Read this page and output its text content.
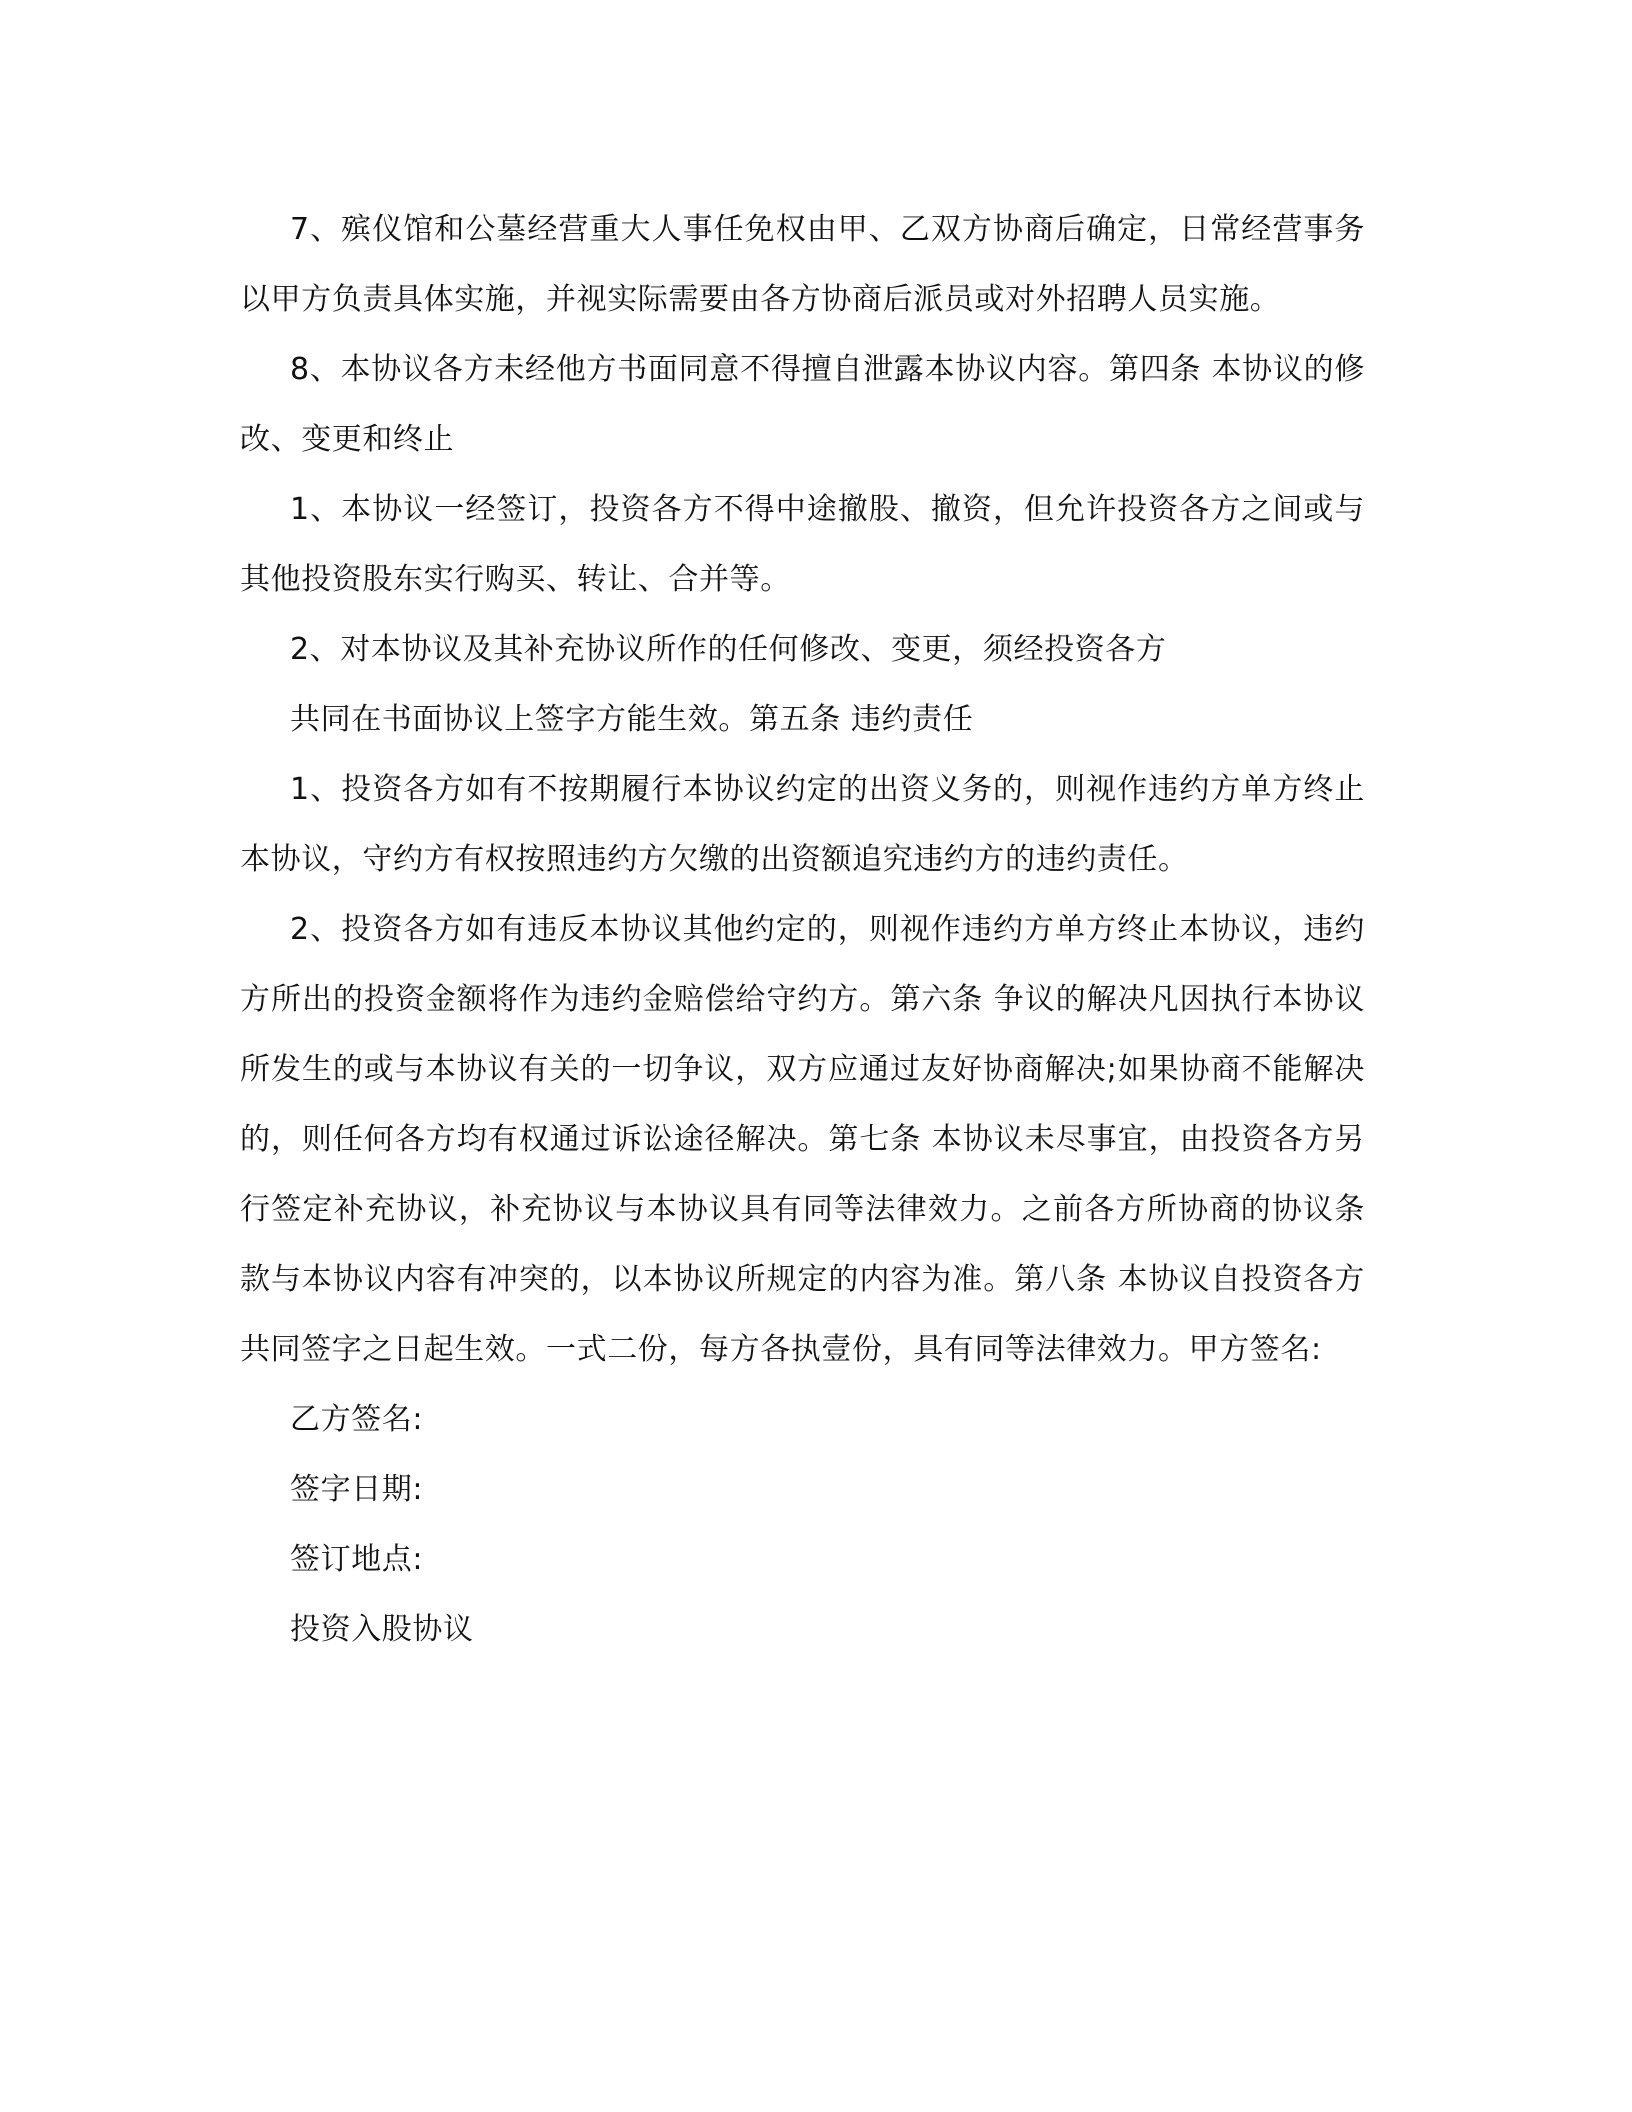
7、殡仪馆和公墓经营重大人事任免权由甲、乙双方协商后确定，日常经营事务以甲方负责具体实施，并视实际需要由各方协商后派员或对外招聘人员实施。

8、本协议各方未经他方书面同意不得擅自泄露本协议内容。第四条 本协议的修改、变更和终止

1、本协议一经签订，投资各方不得中途撤股、撤资，但允许投资各方之间或与其他投资股东实行购买、转让、合并等。

2、对本协议及其补充协议所作的任何修改、变更，须经投资各方

共同在书面协议上签字方能生效。第五条 违约责任

1、投资各方如有不按期履行本协议约定的出资义务的，则视作违约方单方终止本协议，守约方有权按照违约方欠缴的出资额追究违约方的违约责任。

2、投资各方如有违反本协议其他约定的，则视作违约方单方终止本协议，违约方所出的投资金额将作为违约金赔偿给守约方。第六条 争议的解决凡因执行本协议所发生的或与本协议有关的一切争议，双方应通过友好协商解决;如果协商不能解决的，则任何各方均有权通过诉讼途径解决。第七条 本协议未尽事宜，由投资各方另行签定补充协议，补充协议与本协议具有同等法律效力。之前各方所协商的协议条款与本协议内容有冲突的，以本协议所规定的内容为准。第八条 本协议自投资各方共同签字之日起生效。一式二份，每方各执壹份，具有同等法律效力。甲方签名:

乙方签名:

签字日期:

签订地点:

投资入股协议
